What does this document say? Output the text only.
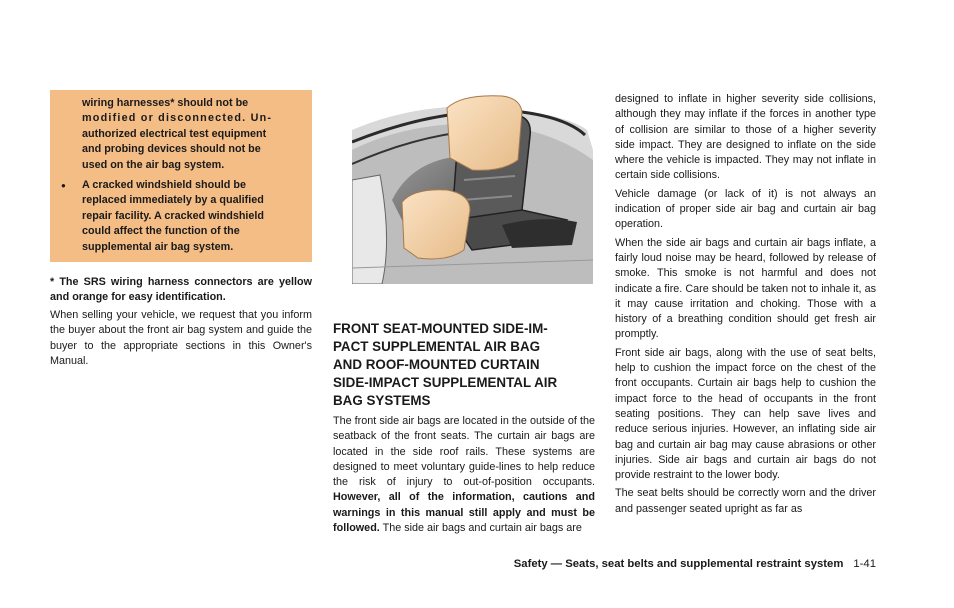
wiring harnesses* should not be
modified or disconnected. Un-
authorized electrical test equipment
and probing devices should not be
used on the air bag system.
● A cracked windshield should be
replaced immediately by a qualified
repair facility. A cracked windshield
could affect the function of the
supplemental air bag system.

* The SRS wiring harness connectors are yellow and orange for easy identification.

When selling your vehicle, we request that you inform the buyer about the front air bag system and guide the buyer to the appropriate sections in this Owner's Manual.

FRONT SEAT-MOUNTED SIDE-IM-
PACT SUPPLEMENTAL AIR BAG
AND ROOF-MOUNTED CURTAIN
SIDE-IMPACT SUPPLEMENTAL AIR
BAG SYSTEMS

The front side air bags are located in the outside of the seatback of the front seats. The curtain air bags are located in the side roof rails. These systems are designed to meet voluntary guide-lines to help reduce the risk of injury to out-of-position occupants. However, all of the information, cautions and warnings in this manual still apply and must be followed. The side air bags and curtain air bags are

designed to inflate in higher severity side collisions, although they may inflate if the forces in another type of collision are similar to those of a higher severity side impact. They are designed to inflate on the side where the vehicle is impacted. They may not inflate in certain side collisions.

Vehicle damage (or lack of it) is not always an indication of proper side air bag and curtain air bag operation.

When the side air bags and curtain air bags inflate, a fairly loud noise may be heard, followed by release of smoke. This smoke is not harmful and does not indicate a fire. Care should be taken not to inhale it, as it may cause irritation and choking. Those with a history of a breathing condition should get fresh air promptly.

Front side air bags, along with the use of seat belts, help to cushion the impact force on the chest of the front occupants. Curtain air bags help to cushion the impact force to the head of occupants in the front seating positions. They can help save lives and reduce serious injuries. However, an inflating side air bag and curtain air bag may cause abrasions or other injuries. Side air bags and curtain air bags do not provide restraint to the lower body.

The seat belts should be correctly worn and the driver and passenger seated upright as far as

Safety — Seats, seat belts and supplemental restraint system 1-41
